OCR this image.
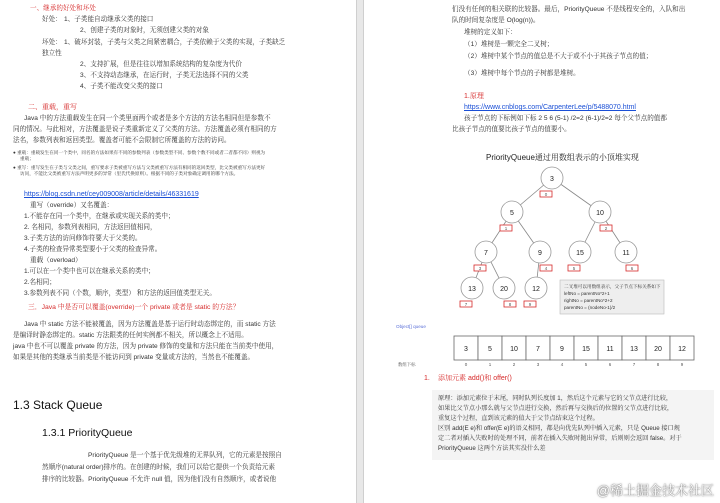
一、继承的好处和坏处
好处： 1、子类能自动继承父类的接口
2、创建子类的对象时，无须创建父类的对象
坏处： 1、破坏封装，子类与父类之间紧密耦合，子类依赖于父类的实现，子类缺乏
独立性
2、支持扩展，但是往往以增加系统结构的复杂度为代价
3、不支持动态继承，在运行时，子类无法选择不同的父类
4、子类不能改变父类的接口
二、重载，重写
Java 中的方法重载发生在同一个类里面两个或者是多个方法的方法名相同但是参数不
同的情况。与此相对，方法覆盖是说子类重新定义了父类的方法。方法覆盖必须有相同的方
法名，参数列表和返回类型。覆盖者可能不会限制它所覆盖的方法的访问。
● 重载：重载发生在同一个类中，同名的方法如果有不同的参数列表（参数类型不同、参数个数不同或者二者都不同）则视为
重载；
● 重写：重写发生在子类与父类之间，重写要求子类被重写方法与父类被重写方法有相同的返回类型，比父类被重写方法更好
访问，不能比父类被重写方法声明更多的异常（里氏代换原则）。根据不同的子类对象确定调用的哪个方法。
https://blog.csdn.net/cey009008/article/details/46331619
重写（override）又名覆盖：
1.不能存在同一个类中，在继承或实现关系的类中；
2. 名相同，参数列表相同，方法返回值相同，
3.子类方法的访问修饰符要大于父类的。
4.子类的检查异常类型要小于父类的检查异常。
重载（overload）
1.可以在一个类中也可以在继承关系的类中；
2.名相同；
3.参数列表不同（个数，顺序，类型） 和方法的返回值类型无关。
三．Java 中是否可以覆盖(override)一个 private 或者是 static 的方法？
Java 中 static 方法不能被覆盖，因为方法覆盖是基于运行时动态绑定的，而 static 方法
是编译时静态绑定的。static 方法跟类的任何实例都不相关，所以概念上不适用。
java 中也不可以覆盖 private 的方法，因为 private 修饰的变量和方法只能在当前类中使用，
如果是其他的类继承当前类是不能访问到 private 变量或方法的，当然也不能覆盖。
1.3 Stack Queue
1.3.1 PriorityQueue
PriorityQueue 是一个基于优先级堆的无界队列，它的元素是按照自
然顺序(natural order)排序的。在创建的时候，我们可以给它提供一个负责给元素
排序的比较器。PriorityQueue 不允许 null 值，因为他们没有自然顺序，或者说他
们没有任何的相关联的比较器。最后，PriorityQueue 不是线程安全的，入队和出
队的时间复杂度是 O(log(n))。
堆树的定义如下：
（1）堆树是一颗完全二叉树；
（2）堆树中某个节点的值总是不大于或不小于其孩子节点的值；
（3）堆树中每个节点的子树都是堆树。
1.原理
https://www.cnblogs.com/CarpenterLee/p/5488070.html
孩子节点的下标例如下标 2 5 6 (5-1) /2=2 (6-1)/2=2 每个父节点的值都
比孩子节点的值要比孩子节点的值要小。
PriorityQueue通过用数组表示的小顶堆实现
3
0
5
1
10
2
7
3
9
4
15
5
11
6
13
7
20
8
12
9
二叉堆可以用数组表示，父子节点下标关系如下
leftNo = parentNo*2+1
rightNo = parentNo*2+2
parentNo = (nodeNo-1)/2
Object[] queue
数组下标
3
0
5
1
10
2
7
3
9
4
15
5
11
6
13
7
20
8
12
9
1. 添加元素 add()和 offer()
原理：添加元素位于末尾，同时队列长度加 1，然后这个元素与它的父节点进行比较，
如果比父节点小那么就与父节点进行交换，然后再与交换后的位置的父节点进行比较，
重复这个过程，直到该元素的值大于父节点结束这个过程。
区别 add(E e)和 offer(E e)的语义相同，都是向优先队列中插入元素，只是 Queue 接口规
定二者对插入失败时的处理不同，前者在插入失败时抛出异常，后则则会返回 false。对于
PriorityQueue 这两个方法其实没什么差
@稀土掘金技术社区
